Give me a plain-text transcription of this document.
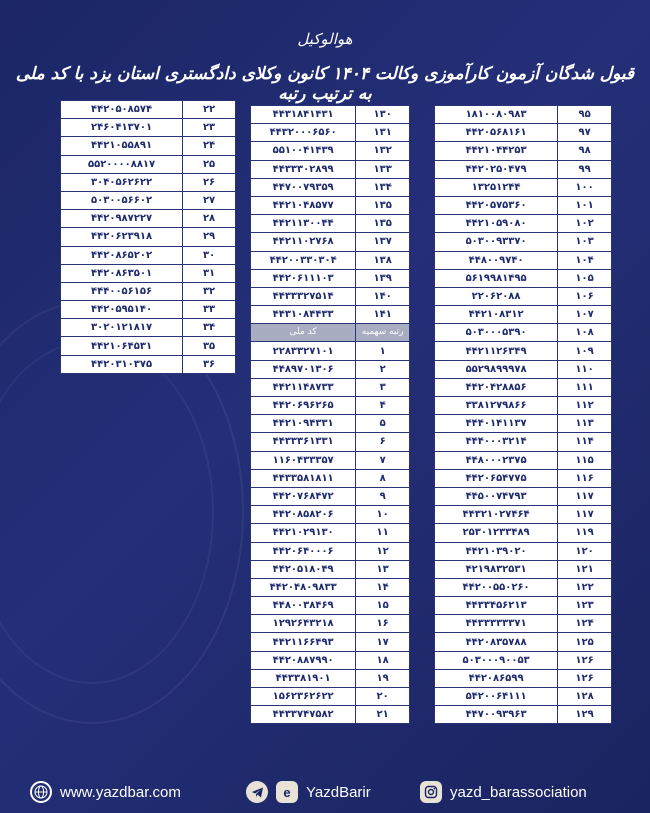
هوالوکیل
قبول شدگان آزمون کارآموزی وکالت ۱۴۰۴ کانون وکلای دادگستری استان یزد با کد ملی به ترتیب رتبه
۲۲	۴۴۲۰۵۰۸۵۷۴
۲۳	۲۴۶۰۴۱۳۷۰۱
۲۴	۴۴۲۱۰۵۵۸۹۱
۲۵	۵۵۲۰۰۰۰۸۸۱۷
۲۶	۳۰۴۰۵۶۲۶۲۲
۲۷	۵۰۳۰۰۵۶۶۰۲
۲۸	۴۴۲۰۹۸۷۲۲۷
۲۹	۴۴۲۰۶۲۳۹۱۸
۳۰	۴۴۲۰۸۶۵۲۰۲
۳۱	۴۴۲۰۸۶۳۵۰۱
۳۲	۴۴۴۰۰۵۶۱۵۶
۳۳	۴۴۲۰۵۹۵۱۴۰
۳۴	۳۰۲۰۱۲۱۸۱۷
۳۵	۴۴۲۱۰۶۴۵۳۱
۳۶	۴۴۲۰۳۱۰۳۷۵
۱۳۰	۴۴۳۱۸۴۱۴۳۱
۱۳۱	۴۴۳۲۰۰۰۶۵۶۰
۱۳۲	۵۵۱۰۰۴۱۴۳۹
۱۳۳	۴۴۳۳۳۰۲۸۹۹
۱۳۴	۴۴۷۰۰۷۹۳۵۹
۱۳۵	۴۴۲۱۰۴۸۵۷۷
۱۳۵	۴۴۲۱۱۳۰۰۴۴
۱۳۷	۴۴۲۱۱۰۲۷۶۸
۱۳۸	۴۴۲۰۰۳۳۰۳۰۴
۱۳۹	۴۴۲۰۶۱۱۱۰۳
۱۴۰	۴۴۳۳۳۲۷۵۱۴
۱۴۱	۴۴۳۱۰۸۴۴۳۳
رتبه سهمیه	کد ملی
۱	۲۲۸۳۳۲۷۱۰۱
۲	۴۴۸۹۷۰۱۳۰۶
۳	۴۴۲۱۱۴۸۷۳۳
۴	۴۴۲۰۶۹۶۲۶۵
۵	۴۴۲۱۰۹۴۳۳۱
۶	۴۴۳۳۳۶۱۳۳۱
۷	۱۱۶۰۴۳۳۳۵۷
۸	۴۴۳۳۵۸۱۸۱۱
۹	۴۴۲۰۷۶۸۴۷۲
۱۰	۴۴۲۰۸۵۸۲۰۶
۱۱	۴۴۲۱۰۲۹۱۳۰
۱۲	۴۴۲۰۶۴۰۰۰۶
۱۳	۴۴۲۰۵۱۸۰۴۹
۱۴	۴۴۲۰۴۸۰۹۸۳۳
۱۵	۴۴۸۰۰۳۸۴۶۹
۱۶	۱۲۹۲۶۴۳۲۱۸
۱۷	۴۴۲۱۱۶۶۴۹۳
۱۸	۴۴۲۰۸۸۷۹۹۰
۱۹	۴۴۳۳۸۱۹۰۱
۲۰	۱۵۶۲۳۶۲۶۲۲
۲۱	۴۴۳۳۷۴۷۵۸۲
۹۵	۱۸۱۰۰۸۰۹۸۳
۹۷	۴۴۲۰۵۶۸۱۶۱
۹۸	۴۴۲۱۰۴۴۲۵۳
۹۹	۴۴۲۰۲۵۰۴۷۹
۱۰۰	۱۳۲۵۱۲۴۴
۱۰۱	۴۴۲۰۵۷۵۳۶۰
۱۰۲	۴۴۲۱۰۵۹۰۸۰
۱۰۳	۵۰۳۰۰۹۳۳۷۰
۱۰۴	۴۴۸۰۰۹۷۴۰
۱۰۵	۵۶۱۹۹۸۱۴۹۵
۱۰۶	۲۲۰۶۲۰۸۸
۱۰۷	۴۴۲۱۰۸۳۱۲
۱۰۸	۵۰۳۰۰۰۵۳۹۰
۱۰۹	۴۴۲۱۱۲۶۳۴۹
۱۱۰	۵۵۲۹۸۹۹۹۷۸
۱۱۱	۴۴۲۰۴۲۸۸۵۶
۱۱۲	۳۳۸۱۲۷۹۸۶۶
۱۱۳	۴۴۴۰۱۴۱۱۳۷
۱۱۴	۴۴۴۰۰۰۳۲۱۴
۱۱۵	۴۴۸۰۰۰۲۳۷۵
۱۱۶	۴۴۲۰۶۵۴۷۷۵
۱۱۷	۴۴۵۰۰۷۴۷۹۳
۱۱۷	۴۴۳۲۱۰۲۷۴۶۴
۱۱۹	۲۵۳۰۱۲۳۳۴۸۹
۱۲۰	۴۴۲۱۰۳۹۰۲۰
۱۲۱	۴۲۱۹۸۳۲۵۳۱
۱۲۲	۴۴۲۰۰۵۵۰۲۶۰
۱۲۳	۴۴۳۳۴۵۶۲۱۳
۱۲۴	۴۴۳۳۳۳۳۳۷۱
۱۲۵	۴۴۲۰۸۳۵۷۸۸
۱۲۶	۵۰۳۰۰۰۹۰۰۵۳
۱۲۶	۴۴۲۰۸۶۵۹۹
۱۲۸	۵۴۲۰۰۶۴۱۱۱
۱۲۹	۴۴۷۰۰۹۳۹۶۳
www.yazdbar.com	e	YazdBarir	yazd_barassociation
